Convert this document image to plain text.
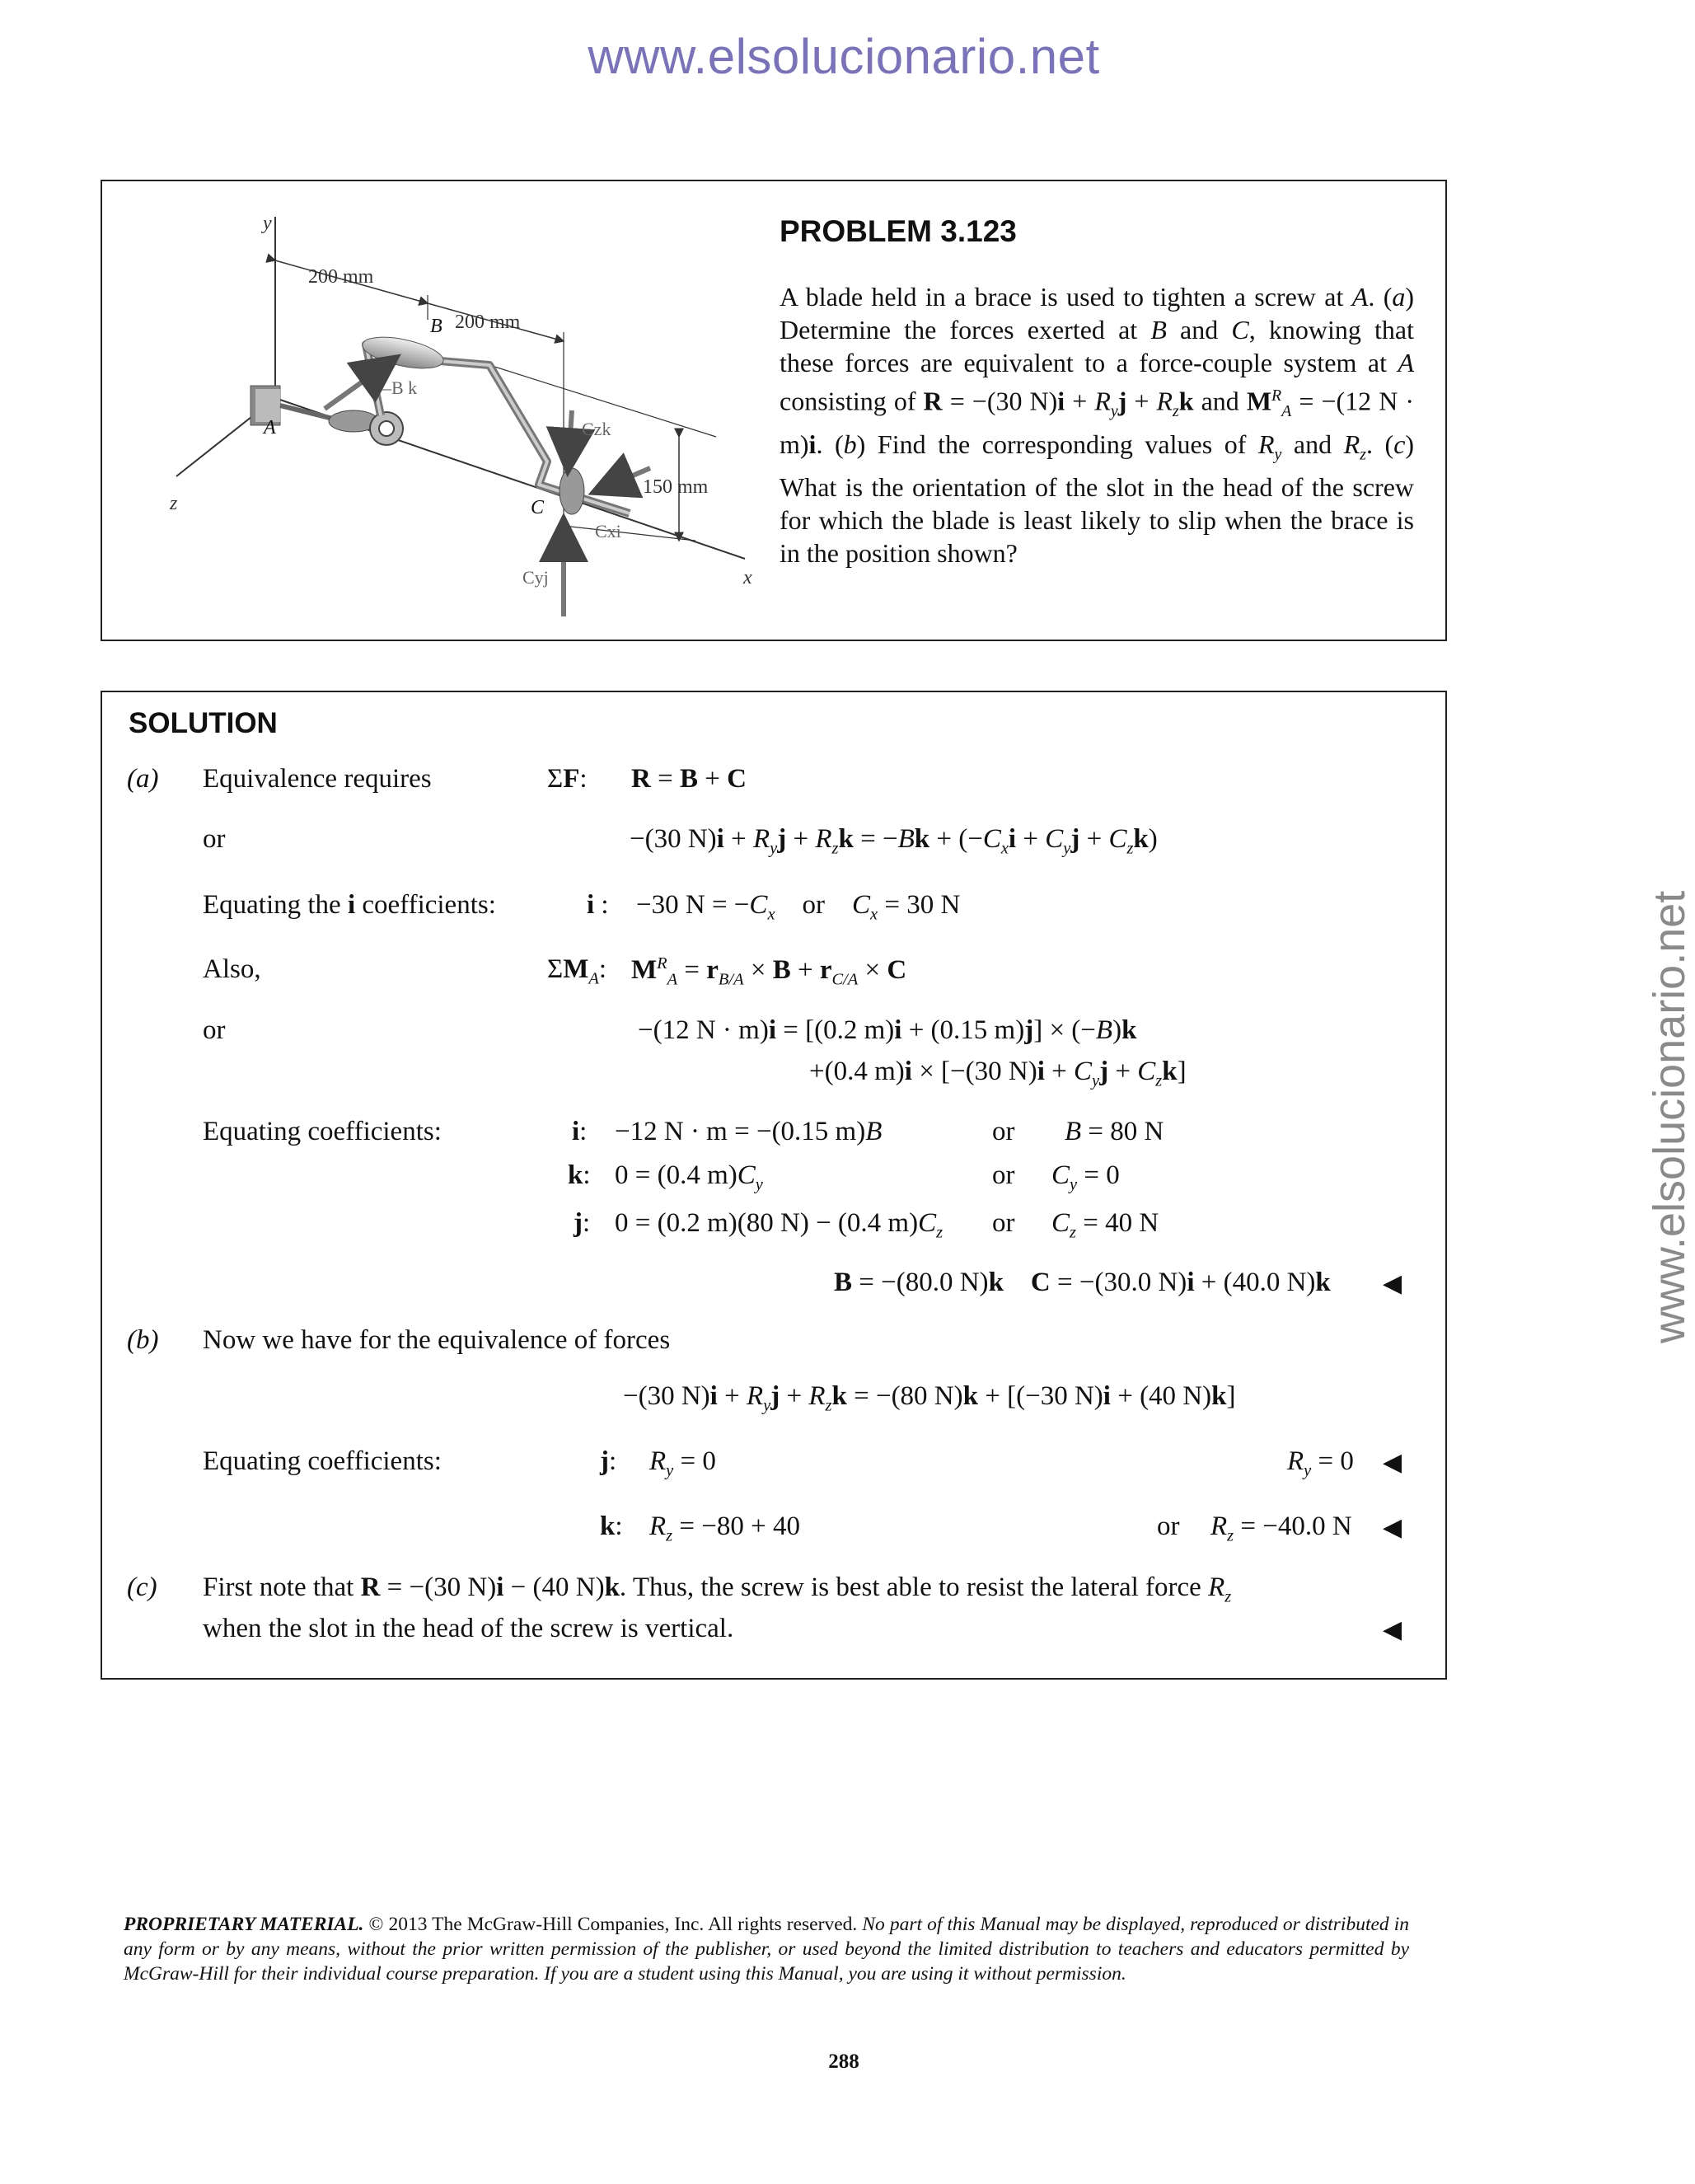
www.elsolucionario.net
www.elsolucionario.net
y
z
x
200 mm
200 mm
150 mm
A
B
C
–B k
Czk
Cxi
Cyj
PROBLEM 3.123
A blade held in a brace is used to tighten a screw at A. (a) Determine the forces exerted at B and C, knowing that these forces are equivalent to a force-couple system at A consisting of R = −(30 $N)i + R_yj + R_zk$ and $M^R_A = -(12$ N · m)i. (b) Find the corresponding values of $R_y$ and $R_z$. (c) What is the orientation of the slot in the head of the screw for which the blade is least likely to slip when the brace is in the position shown?
SOLUTION
(a) Equivalence requires	ΣF: R = B + C
or	−(30 $N)i + R_yj + R_zk = -Bk + (-C_xi + C_yj + C_zk)$
Equating the i coefficients:	i : −30 $N = -C_x$    or    $C_x = 30$ N
Also,	$\Sigma M_A$: $M^R_A = r_{B/A} \times B + r_{C/A} \times C$
or	−(12 N · m)i = [(0.2 m)i + (0.15 m)j] × (−B)k
+(0.4 m)i × [−(30 $N)i + C_yj + C_zk$]
Equating coefficients:	i: −12 N · m = −(0.15 m)B	or B = 80 N
k: 0 = (0.4 $m)C_y$	or $C_y = 0$
j: 0 = (0.2 m)(80 N) − (0.4 $m)C_z$ or $C_z = 40$ N
B = −(80.0 N)k C = −(30.0 N)i + (40.0 N)k ◀
(b) Now we have for the equivalence of forces
−(30 $N)i + R_yj + R_zk = -(80$ N)k + [(−30 N)i + (40 N)k]
Equating coefficients:	j: $R_y = 0$	$R_y = 0$ ◀
k: $R_z = -80 + 40$	or $R_z = -40.0$ N ◀
(c) First note that R = −(30 N)i − (40 N)k. Thus, the screw is best able to resist the lateral force $R_z$
when the slot in the head of the screw is vertical.	◀
PROPRIETARY MATERIAL. © 2013 The McGraw-Hill Companies, Inc. All rights reserved. No part of this Manual may be displayed, reproduced or distributed in any form or by any means, without the prior written permission of the publisher, or used beyond the limited distribution to teachers and educators permitted by McGraw-Hill for their individual course preparation. If you are a student using this Manual, you are using it without permission.
288
